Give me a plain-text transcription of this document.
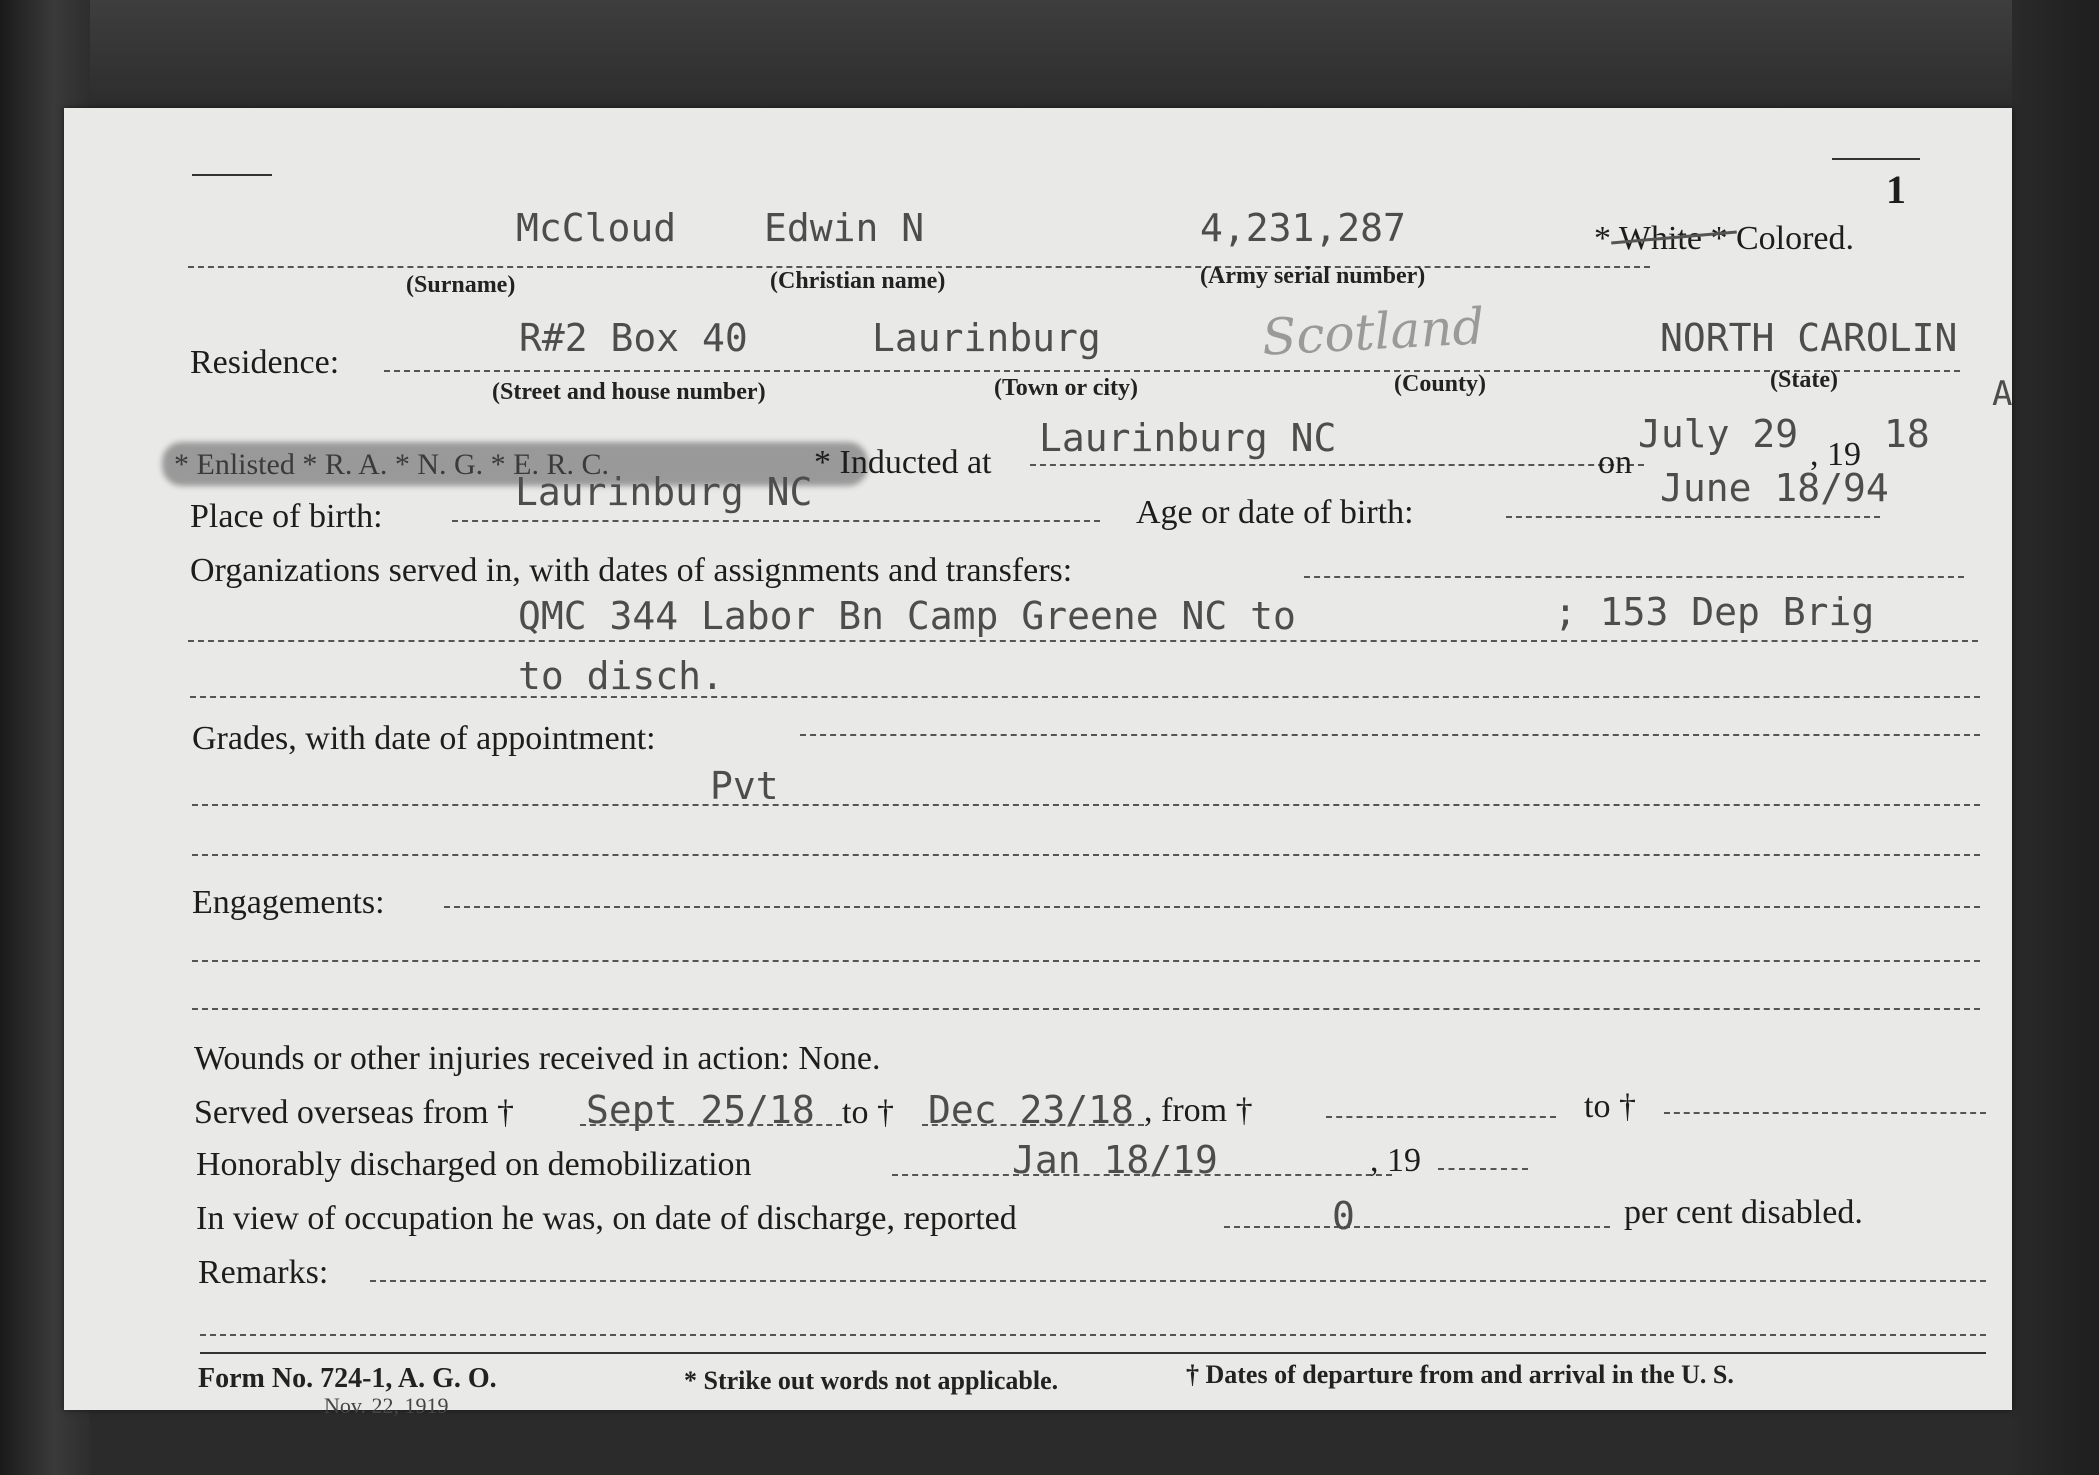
1
McCloud Edwin N	4,231,287	* White * Colored.
(Surname)	(Christian name)	(Army serial number)
Residence:
R#2 Box 40	Laurinburg	Scotland	NORTH CAROLIN
A
(Street and house number)	(Town or city)	(County)	(State)
* Enlisted * R. A. * N. G. * E. R. C.	* Inducted at
Laurinburg NC
on
July 29 , 19 18
Place of birth:
Laurinburg NC	Age or date of birth:
June 18/94
Organizations served in, with dates of assignments and transfers:
QMC 344 Labor Bn Camp Greene NC to	; 153 Dep Brig
to disch.
Grades, with date of appointment:
Pvt
Engagements:
Wounds or other injuries received in action: None.
Served overseas from † Sept 25/18 to † Dec 23/18 , from †	to †
Honorably discharged on demobilization	Jan 18/19	, 19
In view of occupation he was, on date of discharge, reported	0	per cent disabled.
Remarks:
Form No. 724-1, A. G. O.
Nov. 22, 1919
* Strike out words not applicable.	† Dates of departure from and arrival in the U. S.
